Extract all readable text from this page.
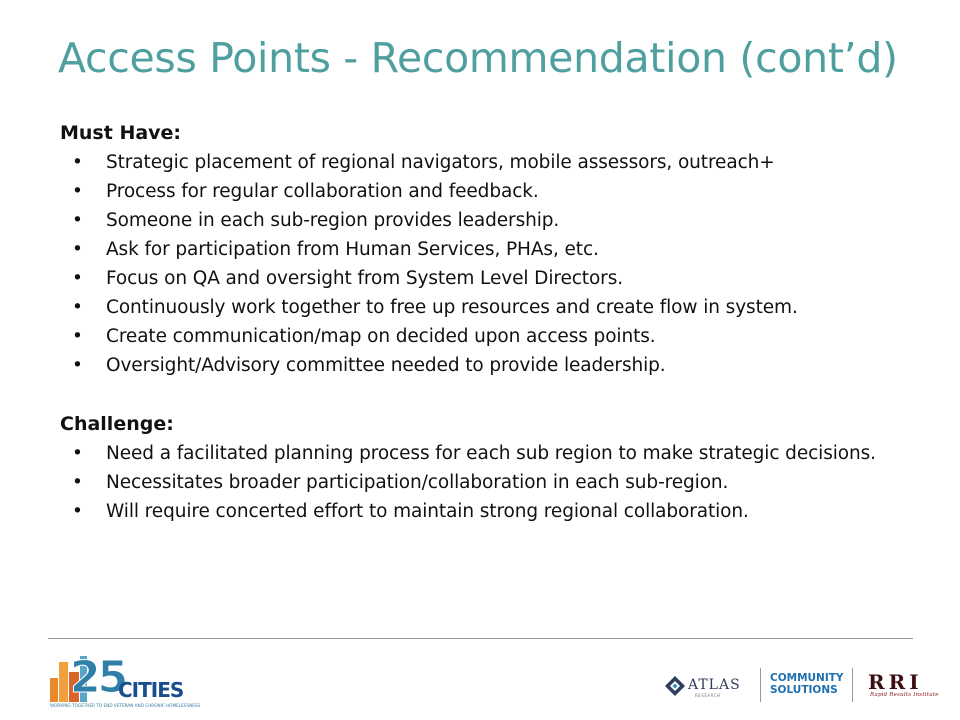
Access Points - Recommendation (cont’d)
Must Have:
• Strategic placement of regional navigators, mobile assessors, outreach+
• Process for regular collaboration and feedback.
• Someone in each sub-region provides leadership.
• Ask for participation from Human Services, PHAs, etc.
• Focus on QA and oversight from System Level Directors.
• Continuously work together to free up resources and create flow in system.
• Create communication/map on decided upon access points.
• Oversight/Advisory committee needed to provide leadership.
Challenge:
• Need a facilitated planning process for each sub region to make strategic decisions.
• Necessitates broader participation/collaboration in each sub-region.
• Will require concerted effort to maintain strong regional collaboration.
25
CITIES
WORKING TOGETHER TO END VETERAN AND CHRONIC HOMELESSNESS
ATLAS
RESEARCH
COMMUNITY
SOLUTIONS RRI
Rapid Results Institute
